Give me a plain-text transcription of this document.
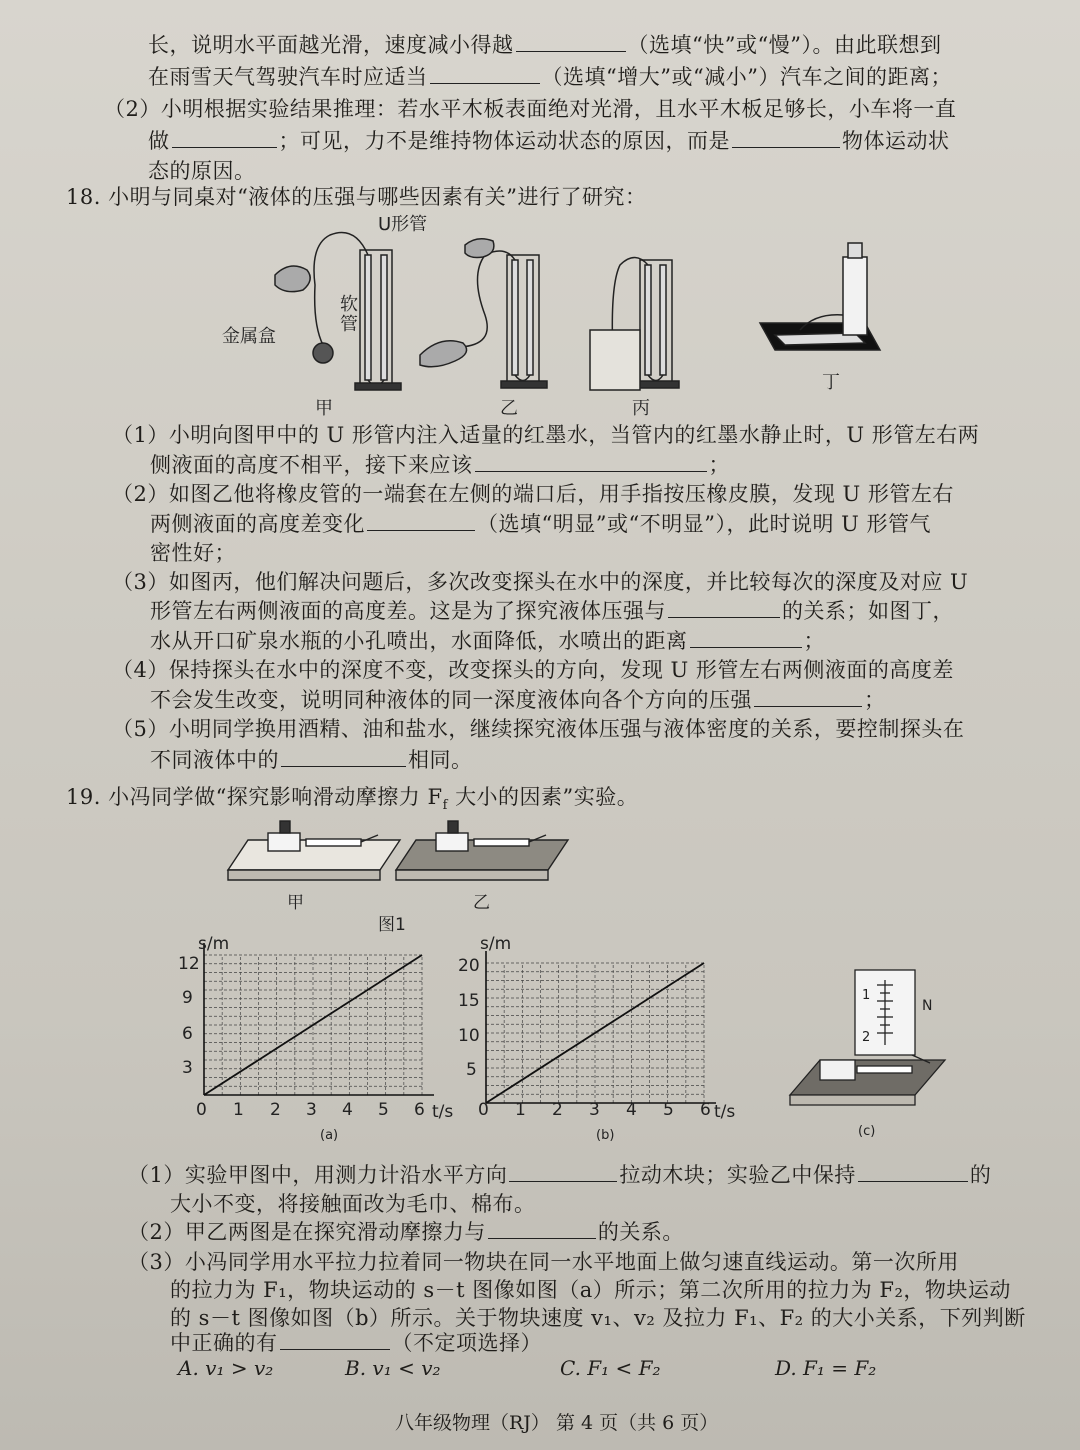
长，说明水平面越光滑，速度减小得越	（选填“快”或“慢”）。由此联想到
在雨雪天气驾驶汽车时应适当	（选填“增大”或“减小”）汽车之间的距离；
（2）小明根据实验结果推理：若水平木板表面绝对光滑，且水平木板足够长，小车将一直
做	；可见，力不是维持物体运动状态的原因，而是	物体运动状
态的原因。
18. 小明与同桌对“液体的压强与哪些因素有关”进行了研究：
U形管
软
管
金属盒
甲	乙	丙
丁
（1）小明向图甲中的 U 形管内注入适量的红墨水，当管内的红墨水静止时，U 形管左右两
侧液面的高度不相平，接下来应该	；
（2）如图乙他将橡皮管的一端套在左侧的端口后，用手指按压橡皮膜，发现 U 形管左右
两侧液面的高度差变化	（选填“明显”或“不明显”），此时说明 U 形管气
密性好；
（3）如图丙，他们解决问题后，多次改变探头在水中的深度，并比较每次的深度及对应 U
形管左右两侧液面的高度差。这是为了探究液体压强与	的关系；如图丁，
水从开口矿泉水瓶的小孔喷出，水面降低，水喷出的距离	；
（4）保持探头在水中的深度不变，改变探头的方向，发现 U 形管左右两侧液面的高度差
不会发生改变，说明同种液体的同一深度液体向各个方向的压强	；
（5）小明同学换用酒精、油和盐水，继续探究液体压强与液体密度的关系，要控制探头在
不同液体中的	相同。
19. 小冯同学做“探究影响滑动摩擦力 $F_f$ 大小的因素”实验。
甲	乙
图1
s/m
t/s
12
9
6
3
0 1 2 3 4 5 6
(a)
s/m
t/s
20
15
10
5
0 1 2 3 4 5 6
(b)
N
1
2
(c)
（1）实验甲图中，用测力计沿水平方向	拉动木块；实验乙中保持	的
大小不变，将接触面改为毛巾、棉布。
（2）甲乙两图是在探究滑动摩擦力与	的关系。
（3）小冯同学用水平拉力拉着同一物块在同一水平地面上做匀速直线运动。第一次所用
的拉力为 F₁，物块运动的 s－t 图像如图（a）所示；第二次所用的拉力为 F₂，物块运动
的 s－t 图像如图（b）所示。关于物块速度 v₁、v₂ 及拉力 F₁、F₂ 的大小关系，下列判断
中正确的有	（不定项选择）
A. v₁ > v₂	B. v₁ < v₂	C. F₁ < F₂	D. F₁ = F₂
八年级物理（RJ） 第 4 页（共 6 页）
